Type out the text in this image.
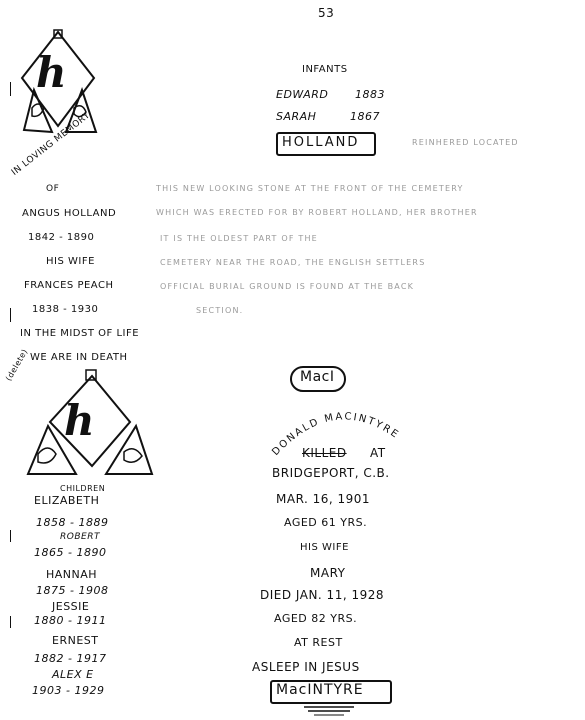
53
h	INFANTS
EDWARD 1883
SARAH	1867
HOLLAND	REINHERED LOCATED
THIS NEW LOOKING STONE AT THE FRONT OF THE CEMETERY
WHICH WAS ERECTED FOR BY ROBERT HOLLAND, HER BROTHER
IT IS THE OLDEST PART OF THE
CEMETERY NEAR THE ROAD, THE ENGLISH SETTLERS
OFFICIAL BURIAL GROUND IS FOUND AT THE BACK
SECTION.
IN LOVING MEMORY
OF
ANGUS HOLLAND
1842 - 1890
HIS WIFE
FRANCES PEACH
1838 - 1930
IN THE MIDST OF LIFE
WE ARE IN DEATH
(delete)
h
CHILDREN
ELIZABETH
1858 - 1889
ROBERT
1865 - 1890
HANNAH
1875 - 1908
JESSIE
1880 - 1911
ERNEST
1882 - 1917
ALEX E
1903 - 1929
MacI
DONALD MACINTYRE
KILLED AT
BRIDGEPORT, C.B.
MAR. 16, 1901
AGED 61 YRS.
HIS WIFE
MARY
DIED JAN. 11, 1928
AGED 82 YRS.
AT REST
ASLEEP IN JESUS
MacINTYRE
